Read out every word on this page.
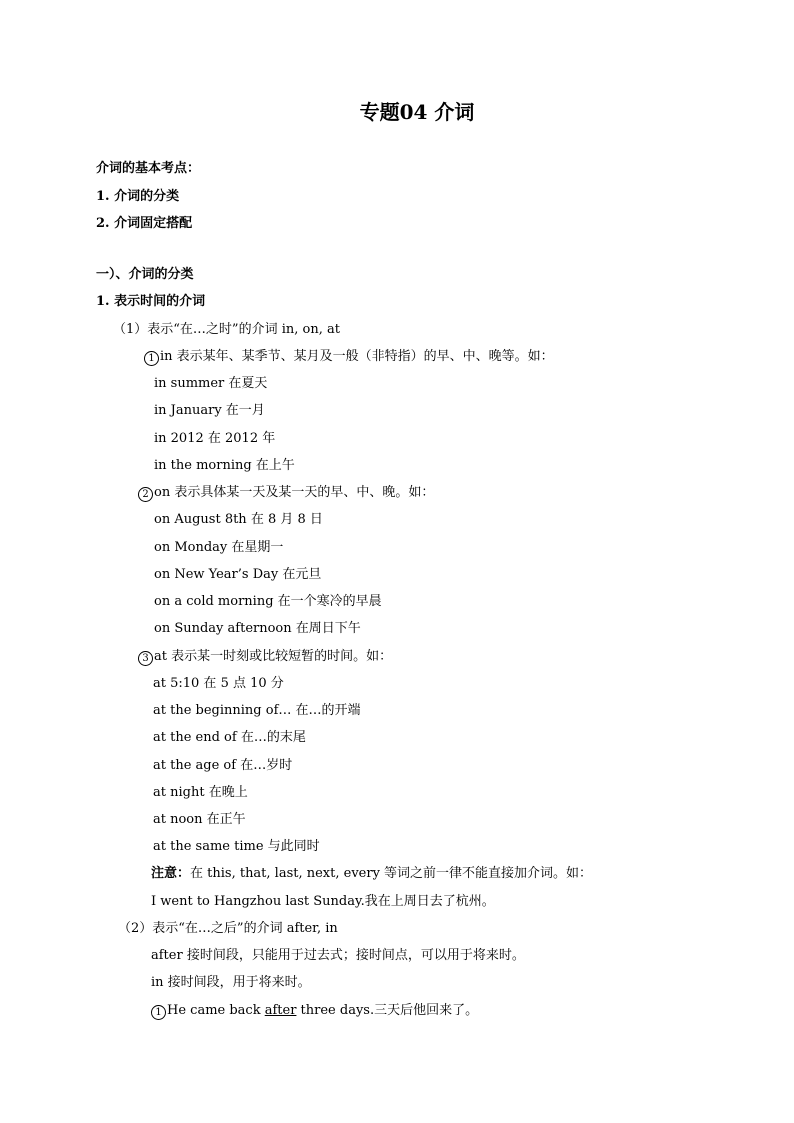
专题04 介词
介词的基本考点：
1. 介词的分类
2. 介词固定搭配
一）、介词的分类
1. 表示时间的介词
（1）表示“在…之时”的介词 in, on, at
1 in 表示某年、某季节、某月及一般（非特指）的早、中、晚等。如：
in summer 在夏天
in January 在一月
in 2012 在 2012 年
in the morning 在上午
2 on 表示具体某一天及某一天的早、中、晚。如：
on August 8th 在 8 月 8 日
on Monday 在星期一
on New Year’s Day 在元旦
on a cold morning 在一个寒冷的早晨
on Sunday afternoon 在周日下午
3 at 表示某一时刻或比较短暂的时间。如：
at 5:10 在 5 点 10 分
at the beginning of… 在…的开端
at the end of 在…的末尾
at the age of 在…岁时
at night 在晚上
at noon 在正午
at the same time 与此同时
注意：在 this, that, last, next, every 等词之前一律不能直接加介词。如：
I went to Hangzhou last Sunday.我在上周日去了杭州。
（2）表示“在…之后”的介词 after, in
after 接时间段，只能用于过去式；接时间点，可以用于将来时。
in 接时间段，用于将来时。
1 He came back after three days.三天后他回来了。
